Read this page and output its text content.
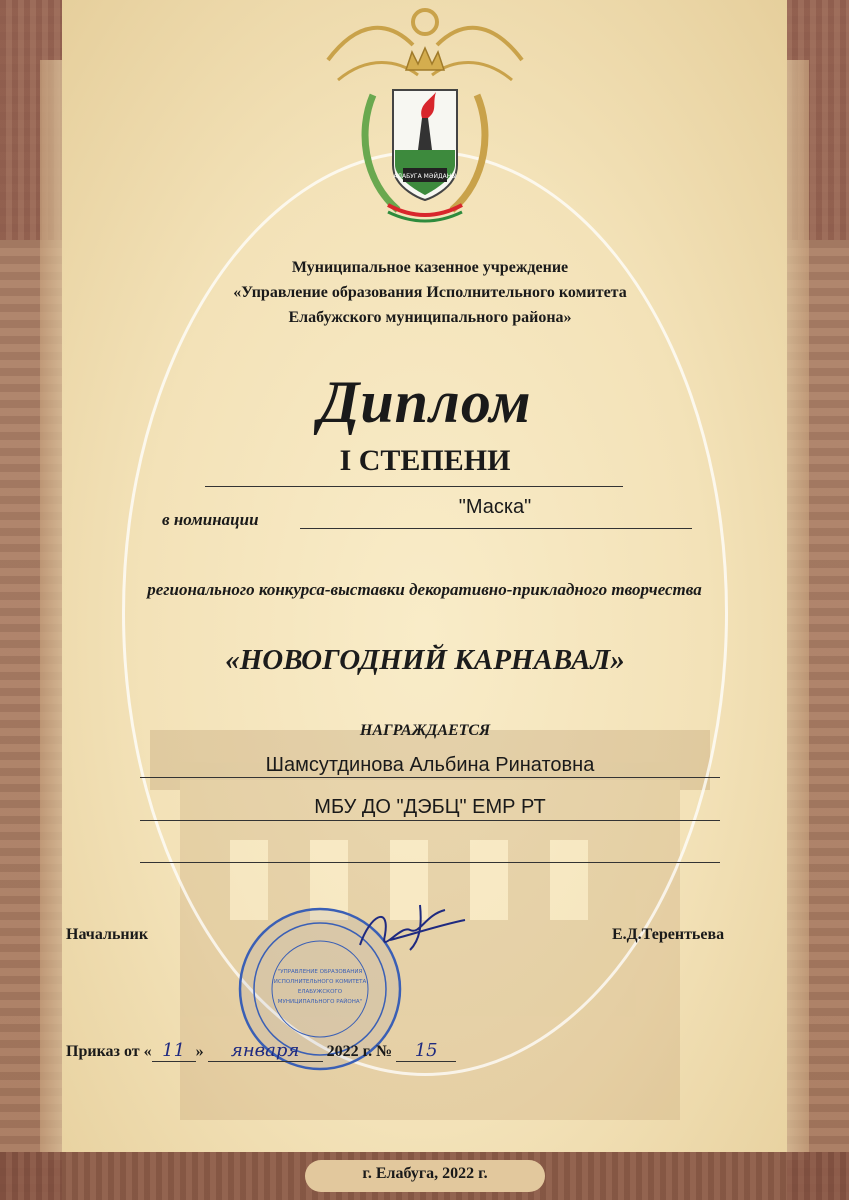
АЛАБУГА МӘЙДАНЫ
Муниципальное казенное учреждение
«Управление образования Исполнительного комитета
Елабужского муниципального района»
Диплом
I СТЕПЕНИ
в номинации
"Маска"
регионального конкурса-выставки декоративно-прикладного творчества
«НОВОГОДНИЙ КАРНАВАЛ»
НАГРАЖДАЕТСЯ
Шамсутдинова Альбина Ринатовна
МБУ ДО "ДЭБЦ" ЕМР РТ
Начальник	Е.Д.Терентьева
"УПРАВЛЕНИЕ ОБРАЗОВАНИЯ
ИСПОЛНИТЕЛЬНОГО КОМИТЕТА
ЕЛАБУЖСКОГО
МУНИЦИПАЛЬНОГО РАЙОНА"
Приказ от « 11 » января 2022 г. № 15
г. Елабуга, 2022 г.
